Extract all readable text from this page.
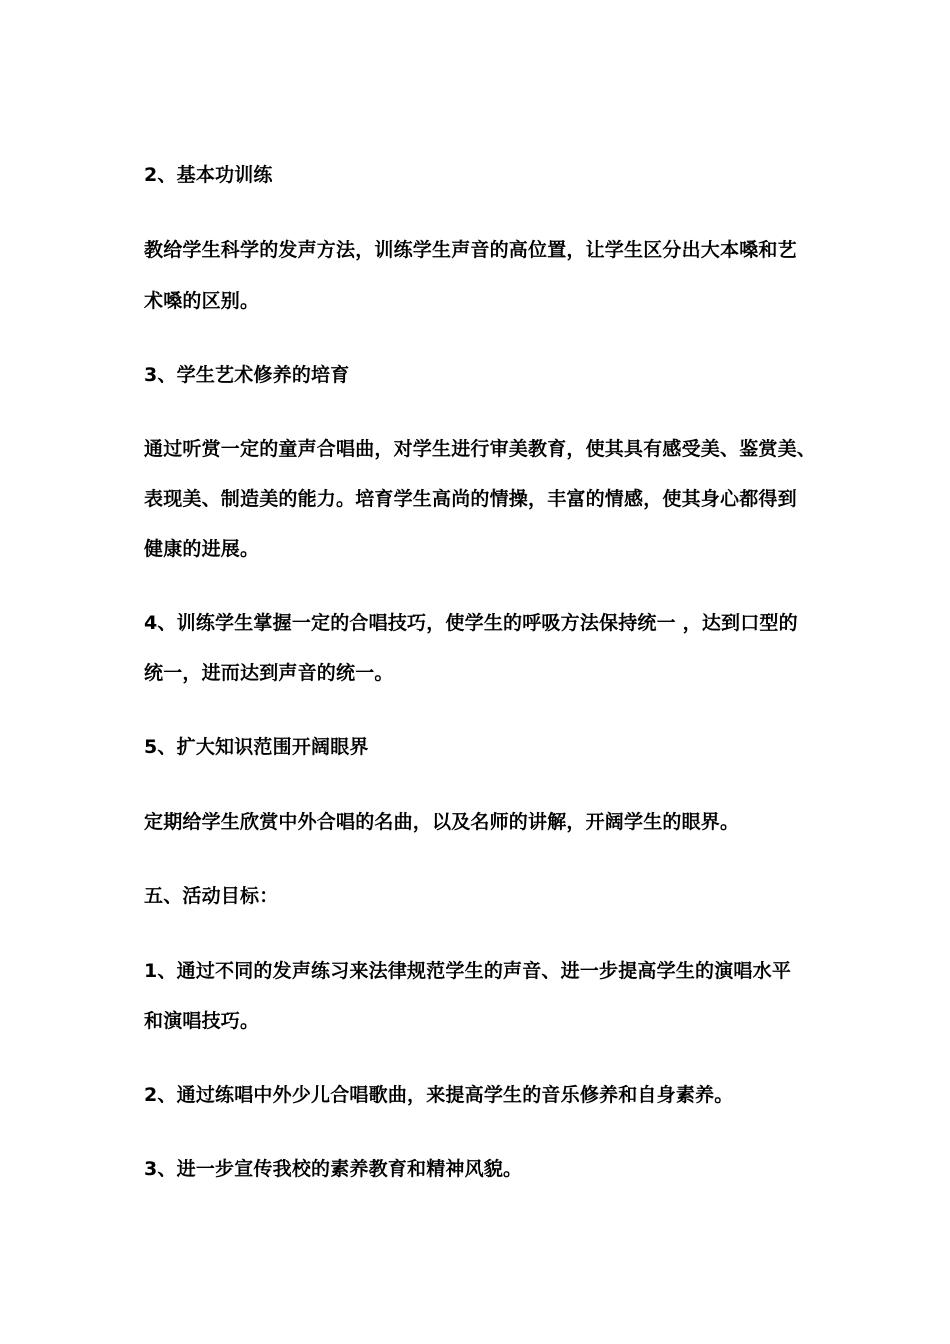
2、基本功训练

教给学生科学的发声方法，训练学生声音的高位置，让学生区分出大本嗓和艺

术嗓的区别。

3、学生艺术修养的培育

通过听赏一定的童声合唱曲，对学生进行审美教育，使其具有感受美、鉴赏美、

表现美、制造美的能力。培育学生高尚的情操，丰富的情感，使其身心都得到

健康的进展。

4、训练学生掌握一定的合唱技巧，使学生的呼吸方法保持统一 ，达到口型的

统一，进而达到声音的统一。

5、扩大知识范围开阔眼界

定期给学生欣赏中外合唱的名曲，以及名师的讲解，开阔学生的眼界。

五、活动目标：

1、通过不同的发声练习来法律规范学生的声音、进一步提高学生的演唱水平

和演唱技巧。

2、通过练唱中外少儿合唱歌曲，来提高学生的音乐修养和自身素养。

3、进一步宣传我校的素养教育和精神风貌。
